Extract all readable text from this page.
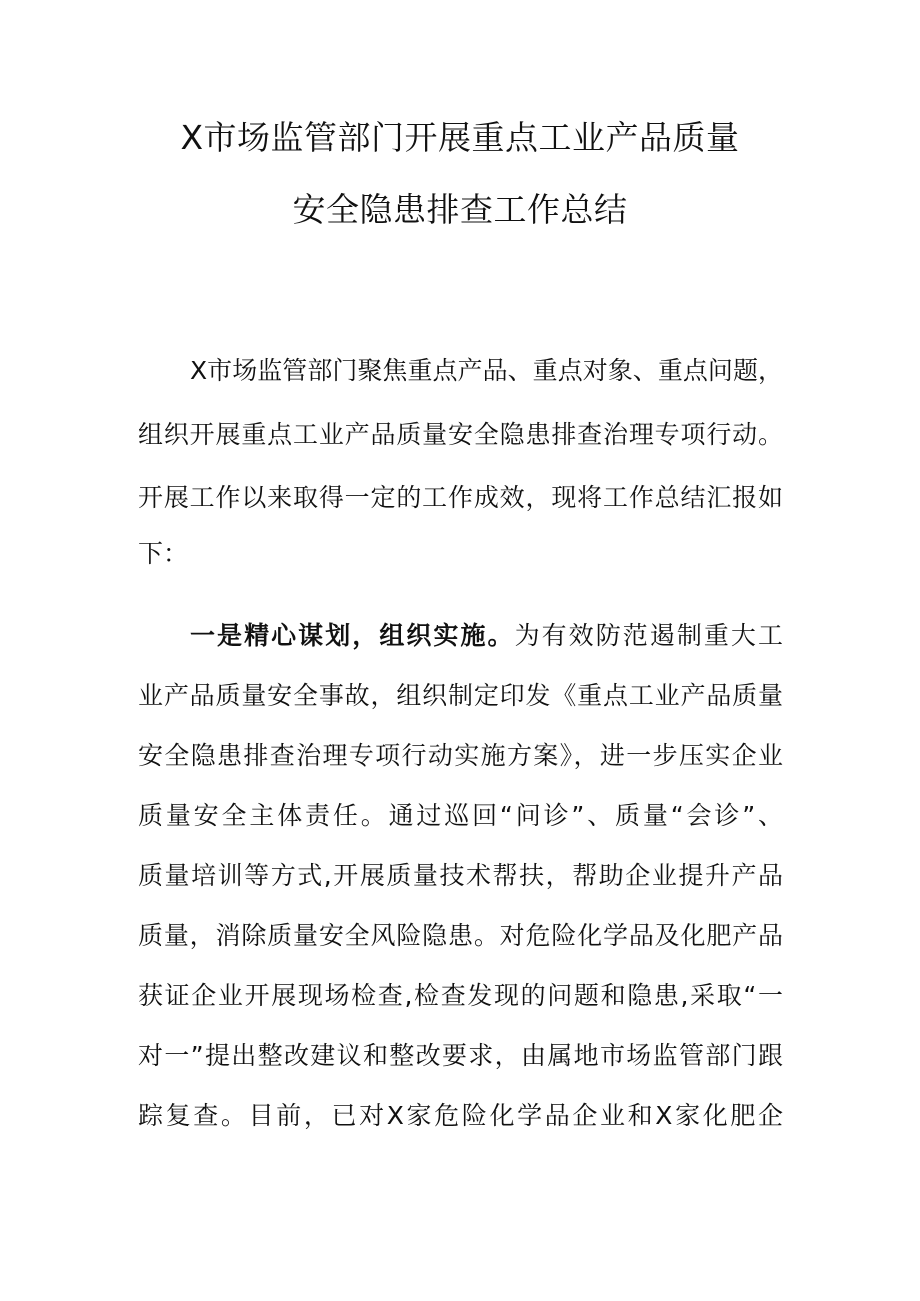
X市场监管部门开展重点工业产品质量
安全隐患排查工作总结
X市场监管部门聚焦重点产品、重点对象、重点问题，
组织开展重点工业产品质量安全隐患排查治理专项行动。
开展工作以来取得一定的工作成效，现将工作总结汇报如
下：
一是精心谋划，组织实施。为有效防范遏制重大工
业产品质量安全事故，组织制定印发《重点工业产品质量
安全隐患排查治理专项行动实施方案》，进一步压实企业
质量安全主体责任。通过巡回“问诊”、质量“会诊”、
质量培训等方式,开展质量技术帮扶，帮助企业提升产品
质量，消除质量安全风险隐患。对危险化学品及化肥产品
获证企业开展现场检查,检查发现的问题和隐患,采取“一
对一”提出整改建议和整改要求，由属地市场监管部门跟
踪复查。目前，已对X家危险化学品企业和X家化肥企
